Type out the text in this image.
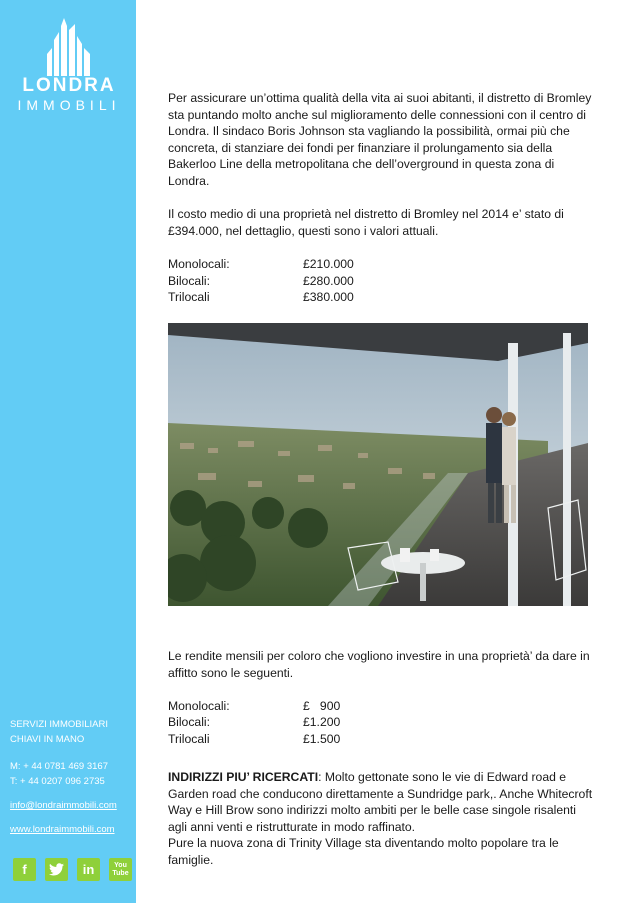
LONDRA
IMMOBILI
SERVIZI IMMOBILIARI
CHIAVI IN MANO
M: + 44 0781 469 3167
T: + 44 0207 096 2735
info@londraimmobili.com
www.londraimmobili.com
f	in	You
Tube

Per assicurare un’ottima qualità della vita ai suoi abitanti, il distretto di Bromley sta puntando molto anche sul miglioramento delle connessioni con il centro di Londra. Il sindaco Boris Johnson sta vagliando la possibilità, ormai più che concreta, di stanziare dei fondi per finanziare il prolungamento sia della Bakerloo Line della metropolitana che dell’overground in questa zona di Londra.

Il costo medio di una proprietà nel distretto di Bromley nel 2014 e’ stato di £394.000, nel dettaglio, questi sono i valori attuali.

Monolocali:	£210.000
Bilocali:	£280.000
Trilocali	£380.000

Le rendite mensili per coloro che vogliono investire in una proprietà’ da dare in affitto sono le seguenti.

Monolocali:	£   900
Bilocali:	£1.200
Trilocali	£1.500

INDIRIZZI PIU’ RICERCATI: Molto gettonate sono le vie di Edward road e Garden road che conducono direttamente a Sundridge park,. Anche Whitecroft Way e Hill Brow sono indirizzi molto ambiti per le belle case singole risalenti agli anni venti e ristrutturate in modo raffinato.

Pure la nuova zona di Trinity Village sta diventando molto popolare tra le famiglie.
